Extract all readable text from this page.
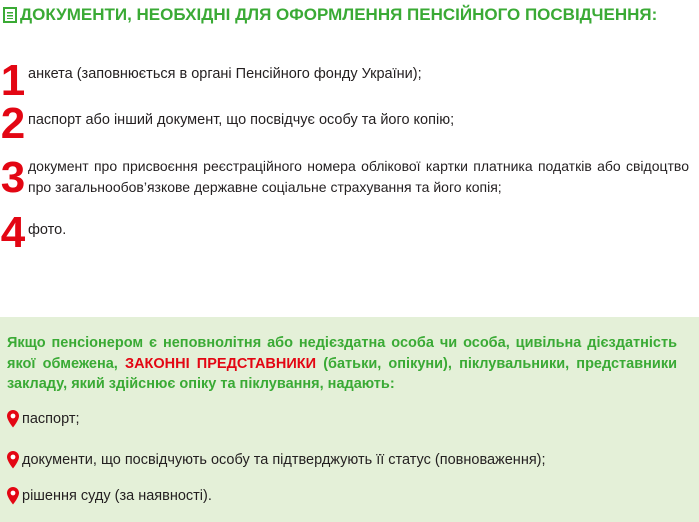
ДОКУМЕНТИ, НЕОБХІДНІ ДЛЯ ОФОРМЛЕННЯ ПЕНСІЙНОГО ПОСВІДЧЕННЯ:
1 анкета (заповнюється в органі Пенсійного фонду України);
2 паспорт або інший документ, що посвідчує особу та його копію;
3 документ про присвоєння реєстраційного номера облікової картки платника податків або свідоцтво про загальнообов’язкове державне соціальне страхування та його копія;
4 фото.
Якщо пенсіонером є неповнолітня або недієздатна особа чи особа, цивільна дієздатність якої обмежена, ЗАКОННІ ПРЕДСТАВНИКИ (батьки, опікуни), піклувальники, представники закладу, який здійснює опіку та піклування, надають:
паспорт;
документи, що посвідчують особу та підтверджують її статус (повноваження);
рішення суду (за наявності).
